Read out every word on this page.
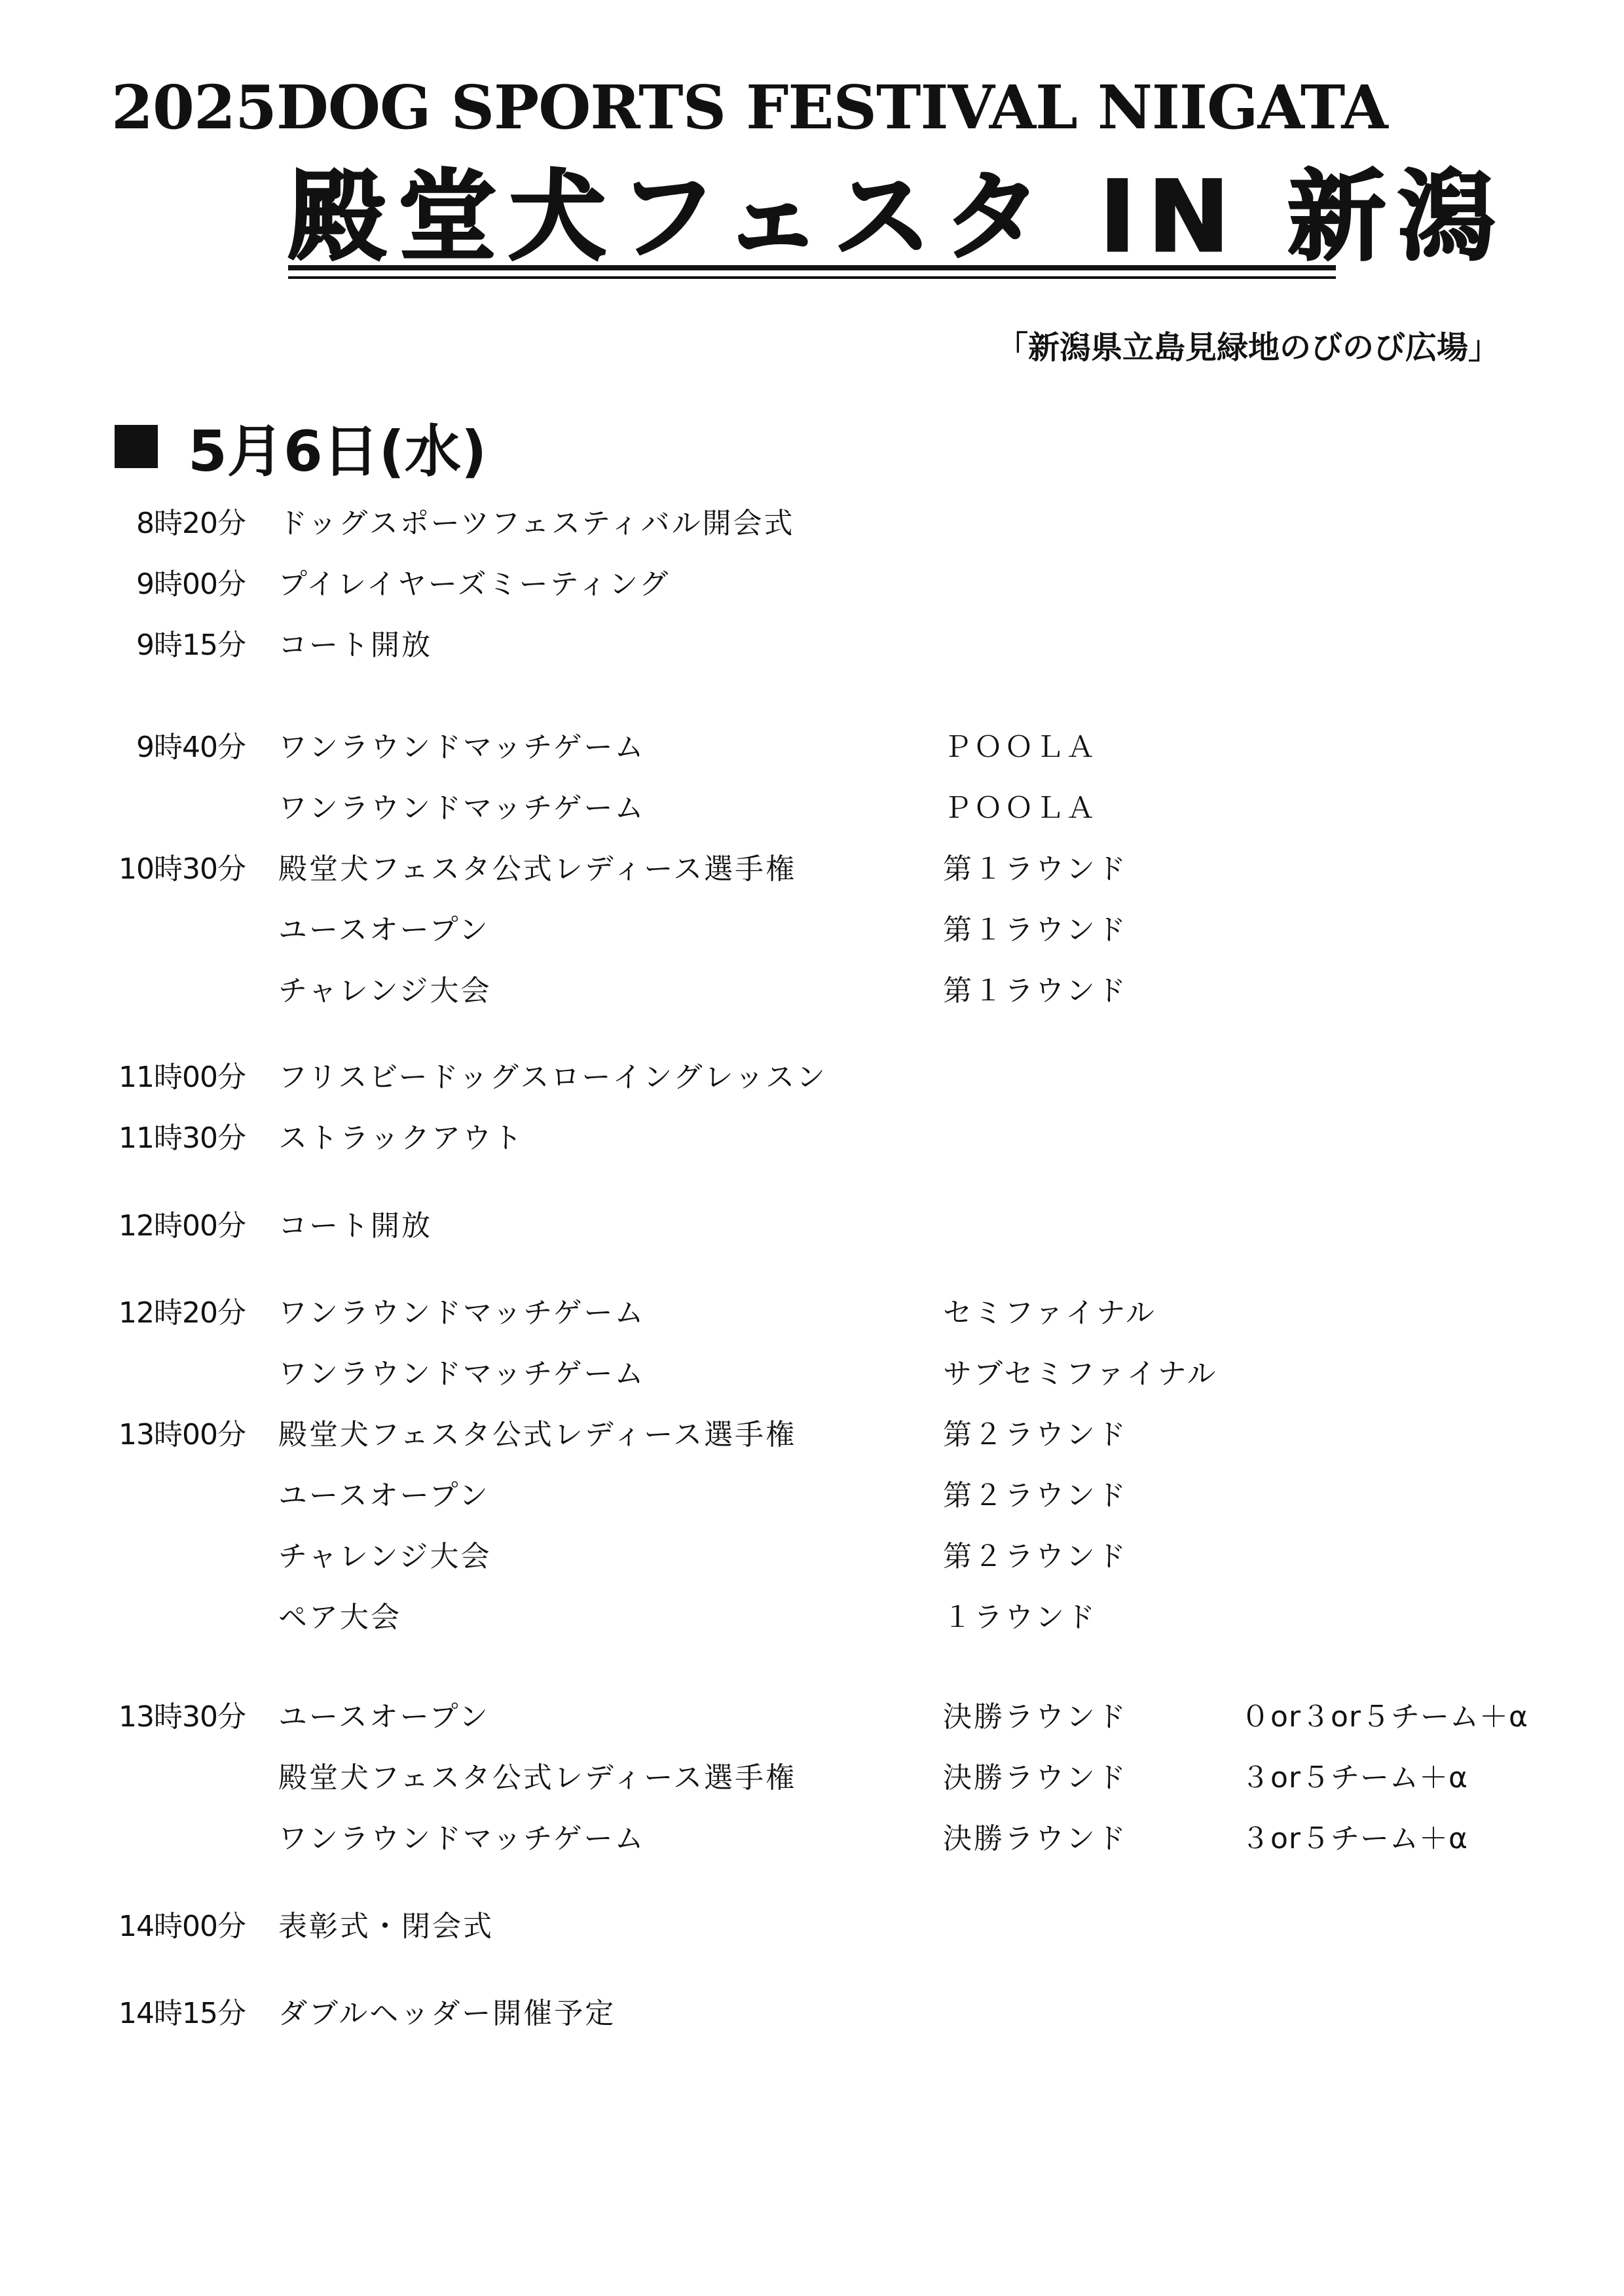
2025DOG SPORTS FESTIVAL NIIGATA
殿堂犬フェスタ IN 新潟
「新潟県立島見緑地のびのび広場」
5月6日(水)
8時20分 ドッグスポーツフェスティバル開会式
9時00分 プイレイヤーズミーティング
9時15分 コート開放
9時40分 ワンラウンドマッチゲーム	ＰＯＯＬＡ
ワンラウンドマッチゲーム	ＰＯＯＬＡ
10時30分 殿堂犬フェスタ公式レディース選手権	第１ラウンド
ユースオープン	第１ラウンド
チャレンジ大会	第１ラウンド
11時00分 フリスビードッグスローイングレッスン
11時30分 ストラックアウト
12時00分 コート開放
12時20分 ワンラウンドマッチゲーム	セミファイナル
ワンラウンドマッチゲーム	サブセミファイナル
13時00分 殿堂犬フェスタ公式レディース選手権	第２ラウンド
ユースオープン	第２ラウンド
チャレンジ大会	第２ラウンド
ペア大会	１ラウンド
13時30分 ユースオープン	決勝ラウンド	０or３or５チーム＋α
殿堂犬フェスタ公式レディース選手権	決勝ラウンド	３or５チーム＋α
ワンラウンドマッチゲーム	決勝ラウンド	３or５チーム＋α
14時00分 表彰式・閉会式
14時15分 ダブルヘッダー開催予定
